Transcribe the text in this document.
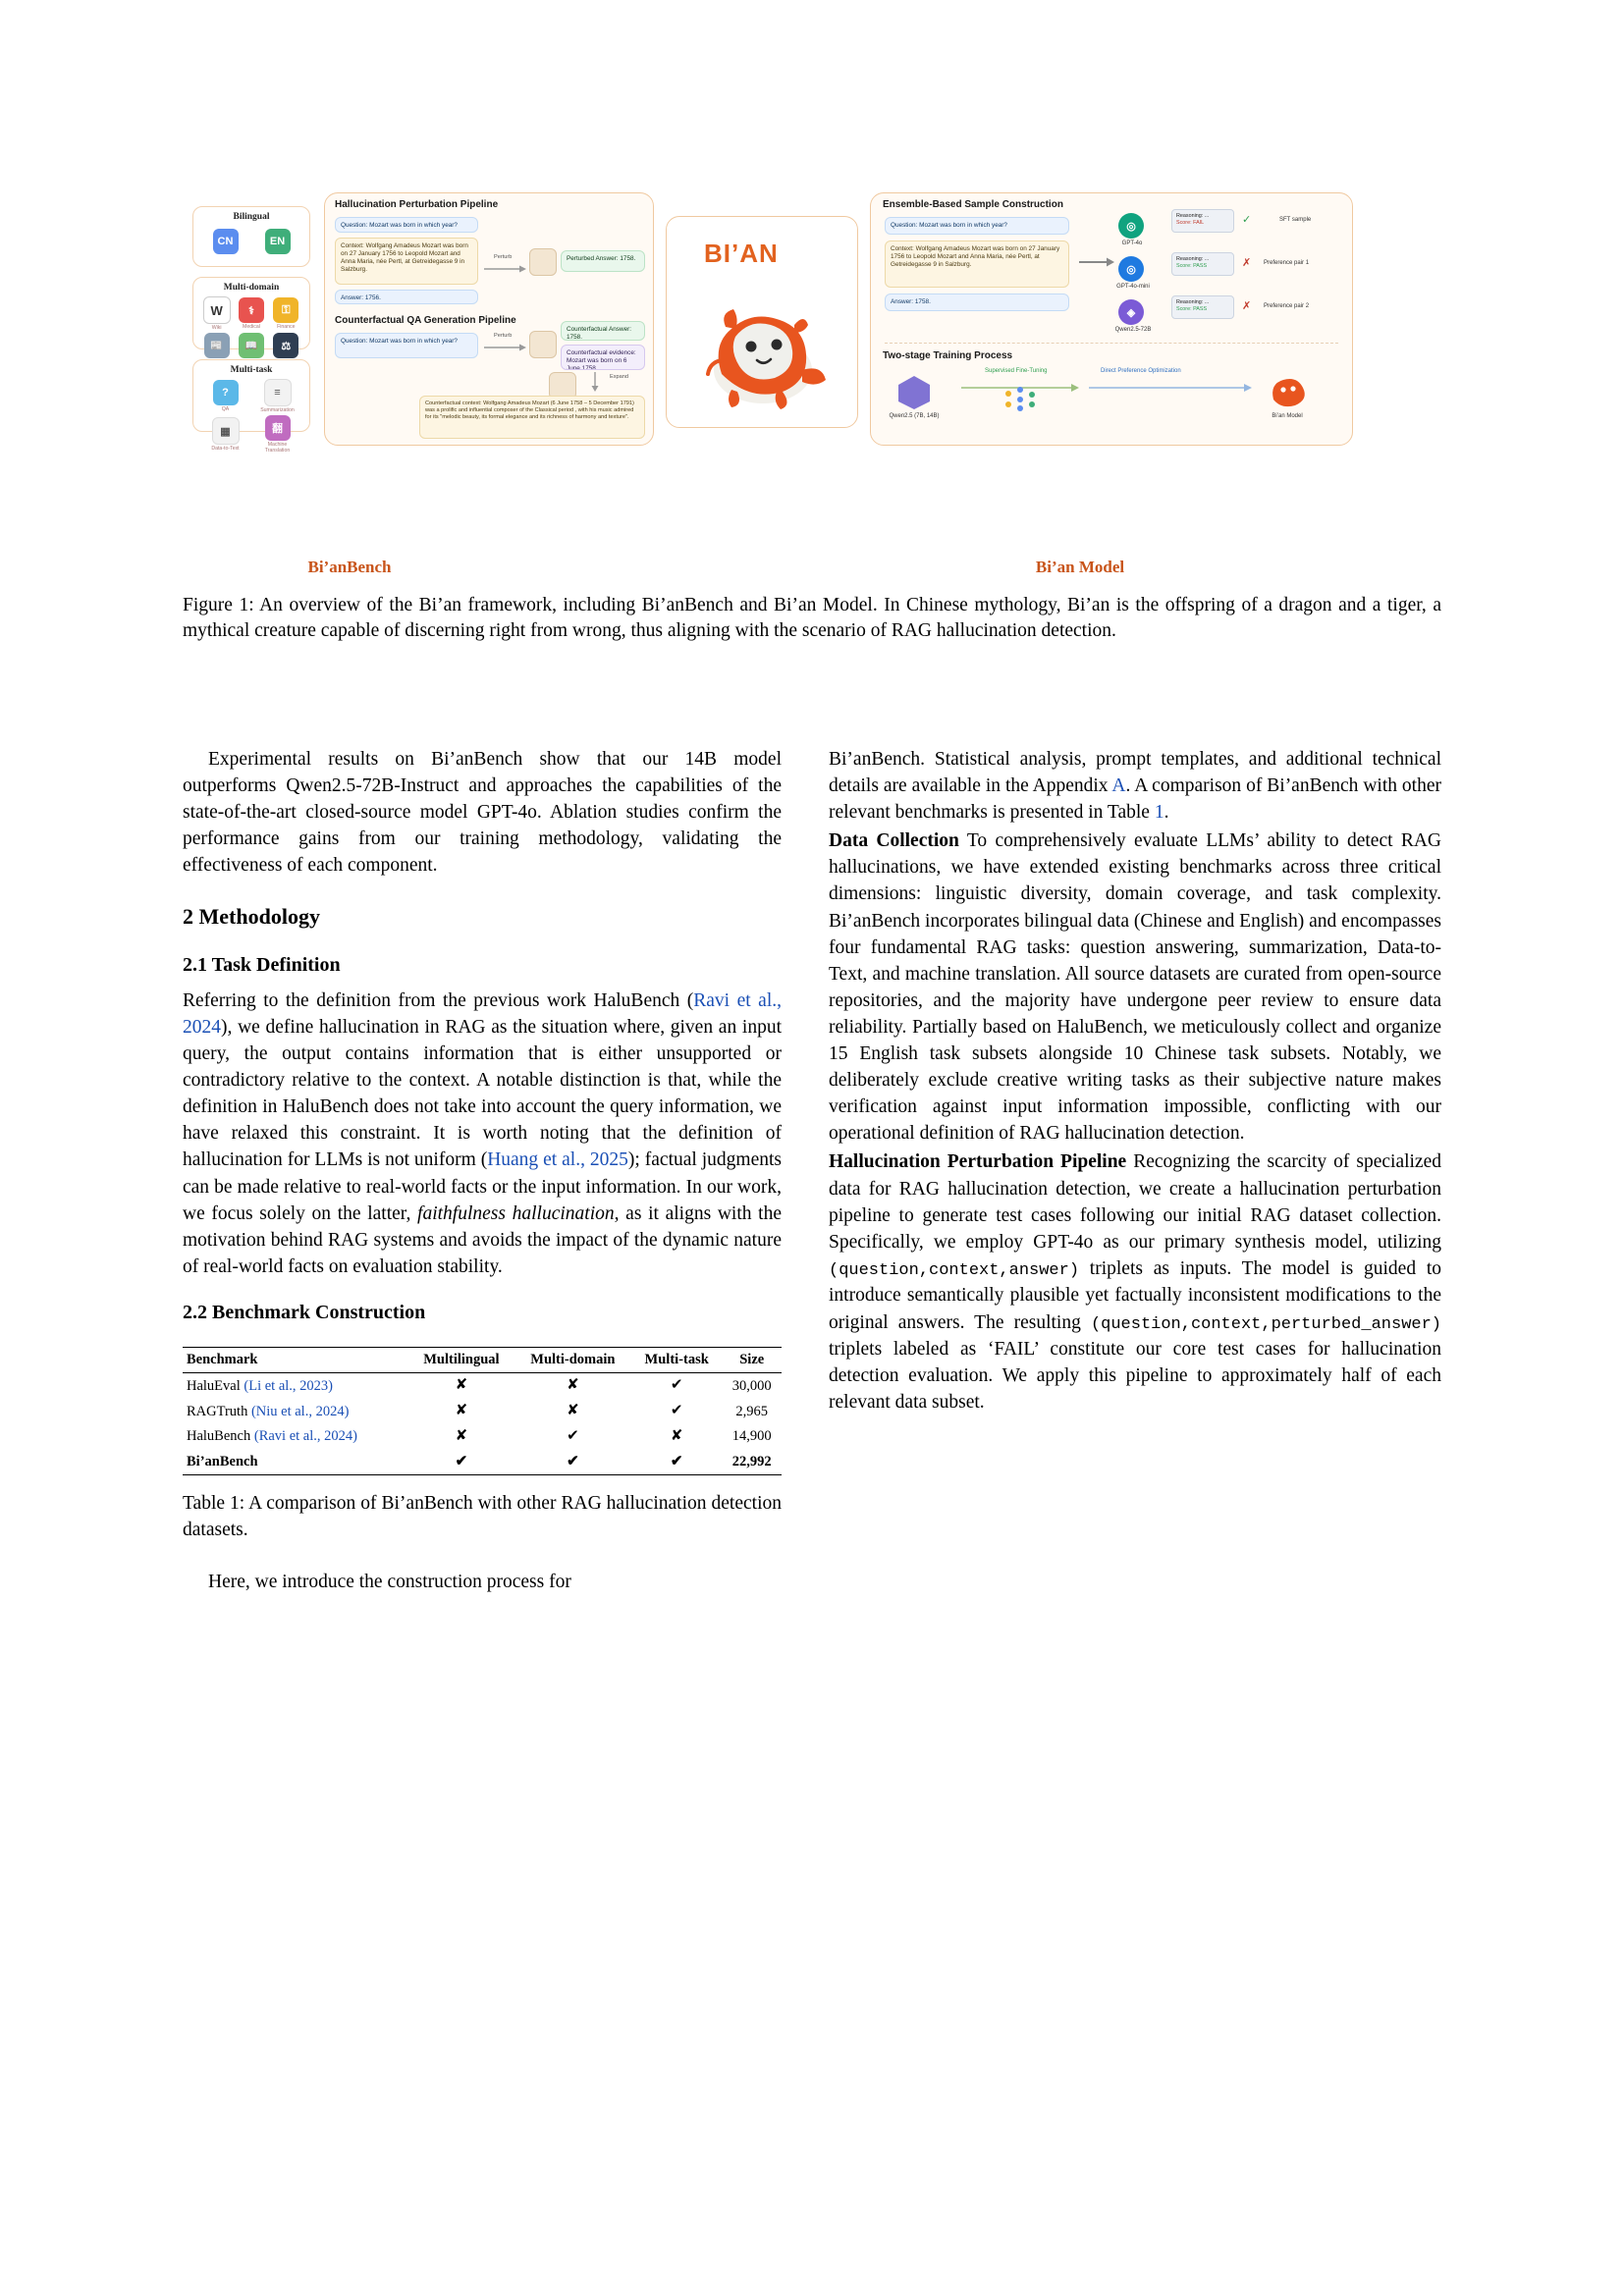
Bilingual
CN	EN
Multi-domain
W
Wiki
⚕
Medical
⚿
Finance
📰	📖	⚖
Multi-task
?
QA
≡
Summarization
▦
Data-to-Text
翻
Machine Translation
Hallucination Perturbation Pipeline
Question: Mozart was born in which year?
Context: Wolfgang Amadeus Mozart was born on 27 January 1756 to Leopold Mozart and Anna Maria, née Pertl, at Getreidegasse 9 in Salzburg.
Answer: 1756.
Perturb	Perturbed Answer: 1758.
Counterfactual QA Generation Pipeline
Question: Mozart was born in which year?
Perturb
Counterfactual Answer: 1758.
Counterfactual evidence: Mozart was born on 6 June 1758
Expand
Counterfactual context: Wolfgang Amadeus Mozart (6 June 1758 – 5 December 1791) was a prolific and influential composer of the Classical period , with his music admired for its "melodic beauty, its formal elegance and its richness of harmony and texture".
BI’AN
Ensemble-Based Sample Construction
Question: Mozart was born in which year?
Context: Wolfgang Amadeus Mozart was born on 27 January 1756 to Leopold Mozart and Anna Maria, née Pertl, at Getreidegasse 9 in Salzburg.
Answer: 1758.
◎
GPT-4o
◎
GPT-4o-mini
◈
Qwen2.5-72B
Reasoning: ...
Score: FAIL	✓	SFT sample
Reasoning: ...
Score: PASS	✗ Preference pair 1
Reasoning: ...
Score: PASS	✗ Preference pair 2
Two-stage Training Process
Qwen2.5 (7B, 14B)
Supervised Fine-Tuning	Direct Preference Optimization
Bi’an Model
Bi’anBench	Bi’an Model
Figure 1: An overview of the Bi’an framework, including Bi’anBench and Bi’an Model. In Chinese mythology, Bi’an is the offspring of a dragon and a tiger, a mythical creature capable of discerning right from wrong, thus aligning with the scenario of RAG hallucination detection.

Experimental results on Bi’anBench show that our 14B model outperforms Qwen2.5-72B-Instruct and approaches the capabilities of the state-of-the-art closed-source model GPT-4o. Ablation studies confirm the performance gains from our training methodology, validating the effectiveness of each component.

2 Methodology
2.1 Task Definition

Referring to the definition from the previous work HaluBench (Ravi et al., 2024), we define hallucination in RAG as the situation where, given an input query, the output contains information that is either unsupported or contradictory relative to the context. A notable distinction is that, while the definition in HaluBench does not take into account the query information, we have relaxed this constraint. It is worth noting that the definition of hallucination for LLMs is not uniform (Huang et al., 2025); factual judgments can be made relative to real-world facts or the input information. In our work, we focus solely on the latter, faithfulness hallucination, as it aligns with the motivation behind RAG systems and avoids the impact of the dynamic nature of real-world facts on evaluation stability.

2.2 Benchmark Construction
Benchmark	Multilingual	Multi-domain	Multi-task	Size
HaluEval (Li et al., 2023)	✘	✘	✔	30,000
RAGTruth (Niu et al., 2024)	✘	✘	✔	2,965
HaluBench (Ravi et al., 2024)	✘	✔	✘	14,900
Bi’anBench	✔	✔	✔	22,992
Table 1: A comparison of Bi’anBench with other RAG hallucination detection datasets.

Here, we introduce the construction process for

Bi’anBench. Statistical analysis, prompt templates, and additional technical details are available in the Appendix A. A comparison of Bi’anBench with other relevant benchmarks is presented in Table 1.

Data Collection To comprehensively evaluate LLMs’ ability to detect RAG hallucinations, we have extended existing benchmarks across three critical dimensions: linguistic diversity, domain coverage, and task complexity. Bi’anBench incorporates bilingual data (Chinese and English) and encompasses four fundamental RAG tasks: question answering, summarization, Data-to-Text, and machine translation. All source datasets are curated from open-source repositories, and the majority have undergone peer review to ensure data reliability. Partially based on HaluBench, we meticulously collect and organize 15 English task subsets alongside 10 Chinese task subsets. Notably, we deliberately exclude creative writing tasks as their subjective nature makes verification against input information impossible, conflicting with our operational definition of RAG hallucination detection.

Hallucination Perturbation Pipeline Recognizing the scarcity of specialized data for RAG hallucination detection, we create a hallucination perturbation pipeline to generate test cases following our initial RAG dataset collection. Specifically, we employ GPT-4o as our primary synthesis model, utilizing (question,context,answer) triplets as inputs. The model is guided to introduce semantically plausible yet factually inconsistent modifications to the original answers. The resulting (question,context,perturbed_answer) triplets labeled as ‘FAIL’ constitute our core test cases for hallucination detection evaluation. We apply this pipeline to approximately half of each relevant data subset.
